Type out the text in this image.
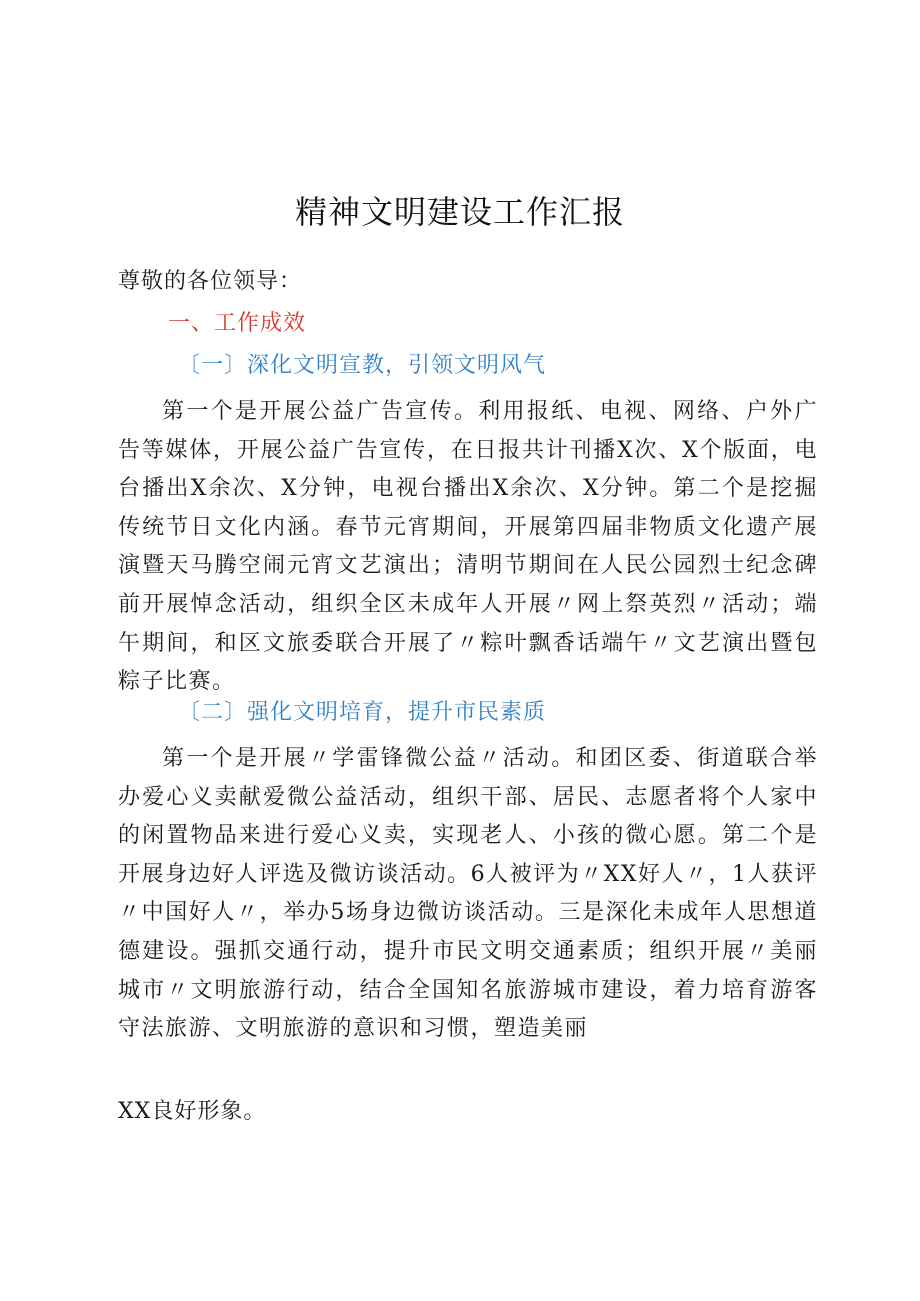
精神文明建设工作汇报
尊敬的各位领导：
一、工作成效
〔一〕深化文明宣教，引领文明风气
第一个是开展公益广告宣传。利用报纸、电视、网络、户外广告等媒体，开展公益广告宣传，在日报共计刊播X次、X个版面，电台播出X余次、X分钟，电视台播出X余次、X分钟。第二个是挖掘传统节日文化内涵。春节元宵期间，开展第四届非物质文化遗产展演暨天马腾空闹元宵文艺演出；清明节期间在人民公园烈士纪念碑前开展悼念活动，组织全区未成年人开展〃网上祭英烈〃活动；端午期间，和区文旅委联合开展了〃粽叶飘香话端午〃文艺演出暨包粽子比赛。
〔二〕强化文明培育，提升市民素质
第一个是开展〃学雷锋微公益〃活动。和团区委、街道联合举办爱心义卖献爱微公益活动，组织干部、居民、志愿者将个人家中的闲置物品来进行爱心义卖，实现老人、小孩的微心愿。第二个是开展身边好人评选及微访谈活动。6人被评为〃XX好人〃，1人获评〃中国好人〃，举办5场身边微访谈活动。三是深化未成年人思想道德建设。强抓交通行动，提升市民文明交通素质；组织开展〃美丽城市〃文明旅游行动，结合全国知名旅游城市建设，着力培育游客守法旅游、文明旅游的意识和习惯，塑造美丽
XX良好形象。
